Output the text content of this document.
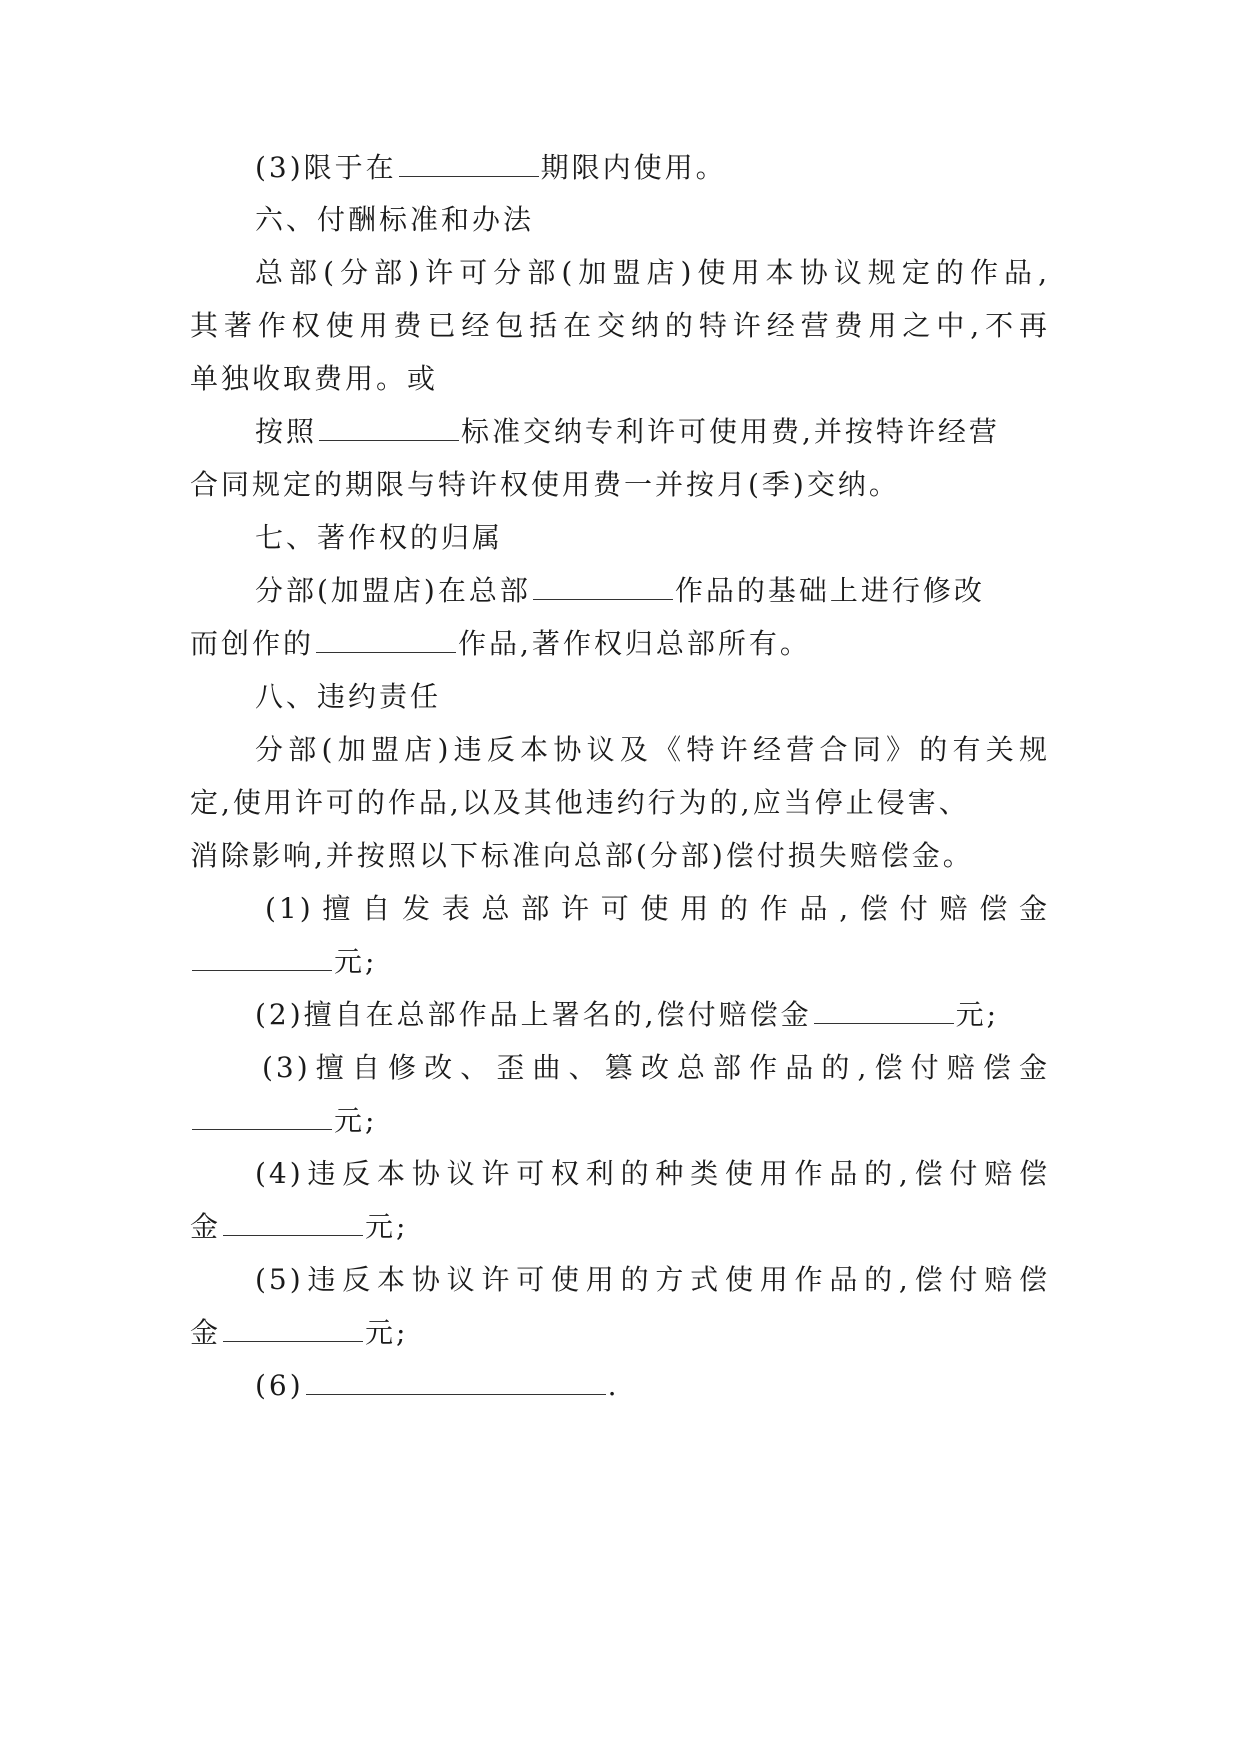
(3)限于在	期限内使用。
六、付酬标准和办法
总部(分部)许可分部(加盟店)使用本协议规定的作品,
其著作权使用费已经包括在交纳的特许经营费用之中,不再
单独收取费用。或
按照	标准交纳专利许可使用费,并按特许经营
合同规定的期限与特许权使用费一并按月(季)交纳。
七、著作权的归属
分部(加盟店)在总部	作品的基础上进行修改
而创作的	作品,著作权归总部所有。
八、违约责任
分部(加盟店)违反本协议及《特许经营合同》的有关规
定,使用许可的作品,以及其他违约行为的,应当停止侵害、
消除影响,并按照以下标准向总部(分部)偿付损失赔偿金。
(1)擅自发表总部许可使用的作品,偿付赔偿金
元;
(2)擅自在总部作品上署名的,偿付赔偿金	元;
(3)擅自修改、歪曲、篡改总部作品的,偿付赔偿金
元;
(4)违反本协议许可权利的种类使用作品的,偿付赔偿
金	元;
(5)违反本协议许可使用的方式使用作品的,偿付赔偿
金	元;
(6)	.
